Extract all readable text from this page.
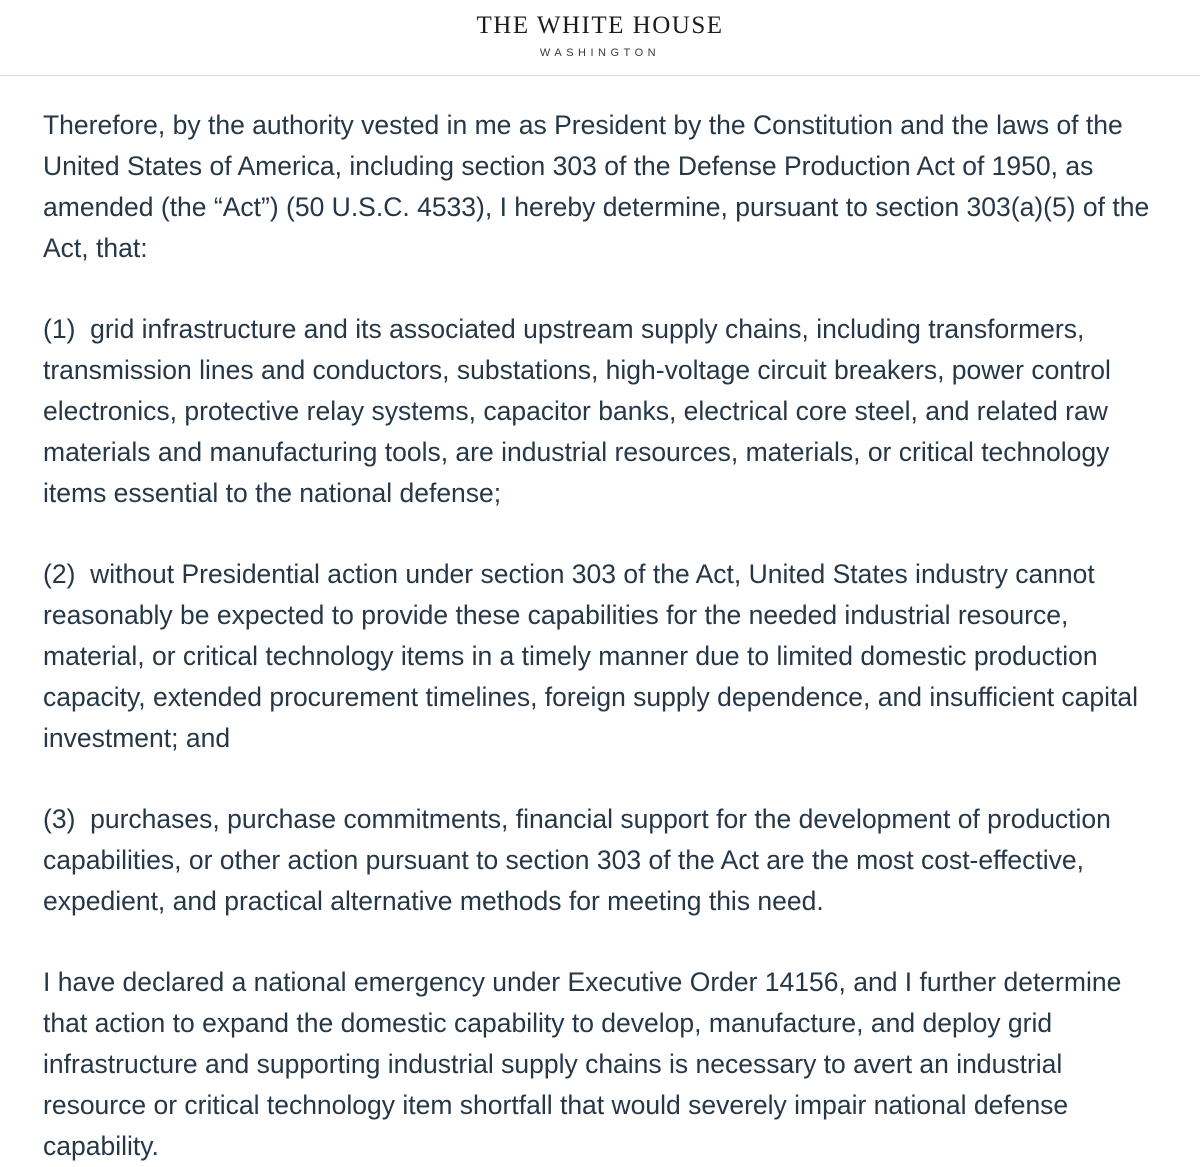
THE WHITE HOUSE
WASHINGTON

Therefore, by the authority vested in me as President by the Constitution and the laws of the United States of America, including section 303 of the Defense Production Act of 1950, as amended (the “Act”) (50 U.S.C. 4533), I hereby determine, pursuant to section 303(a)(5) of the Act, that:

(1)  grid infrastructure and its associated upstream supply chains, including transformers, transmission lines and conductors, substations, high-voltage circuit breakers, power control electronics, protective relay systems, capacitor banks, electrical core steel, and related raw materials and manufacturing tools, are industrial resources, materials, or critical technology items essential to the national defense;

(2)  without Presidential action under section 303 of the Act, United States industry cannot reasonably be expected to provide these capabilities for the needed industrial resource, material, or critical technology items in a timely manner due to limited domestic production capacity, extended procurement timelines, foreign supply dependence, and insufficient capital investment; and

(3)  purchases, purchase commitments, financial support for the development of production capabilities, or other action pursuant to section 303 of the Act are the most cost-effective, expedient, and practical alternative methods for meeting this need.

I have declared a national emergency under Executive Order 14156, and I further determine that action to expand the domestic capability to develop, manufacture, and deploy grid infrastructure and supporting industrial supply chains is necessary to avert an industrial resource or critical technology item shortfall that would severely impair national defense capability.
